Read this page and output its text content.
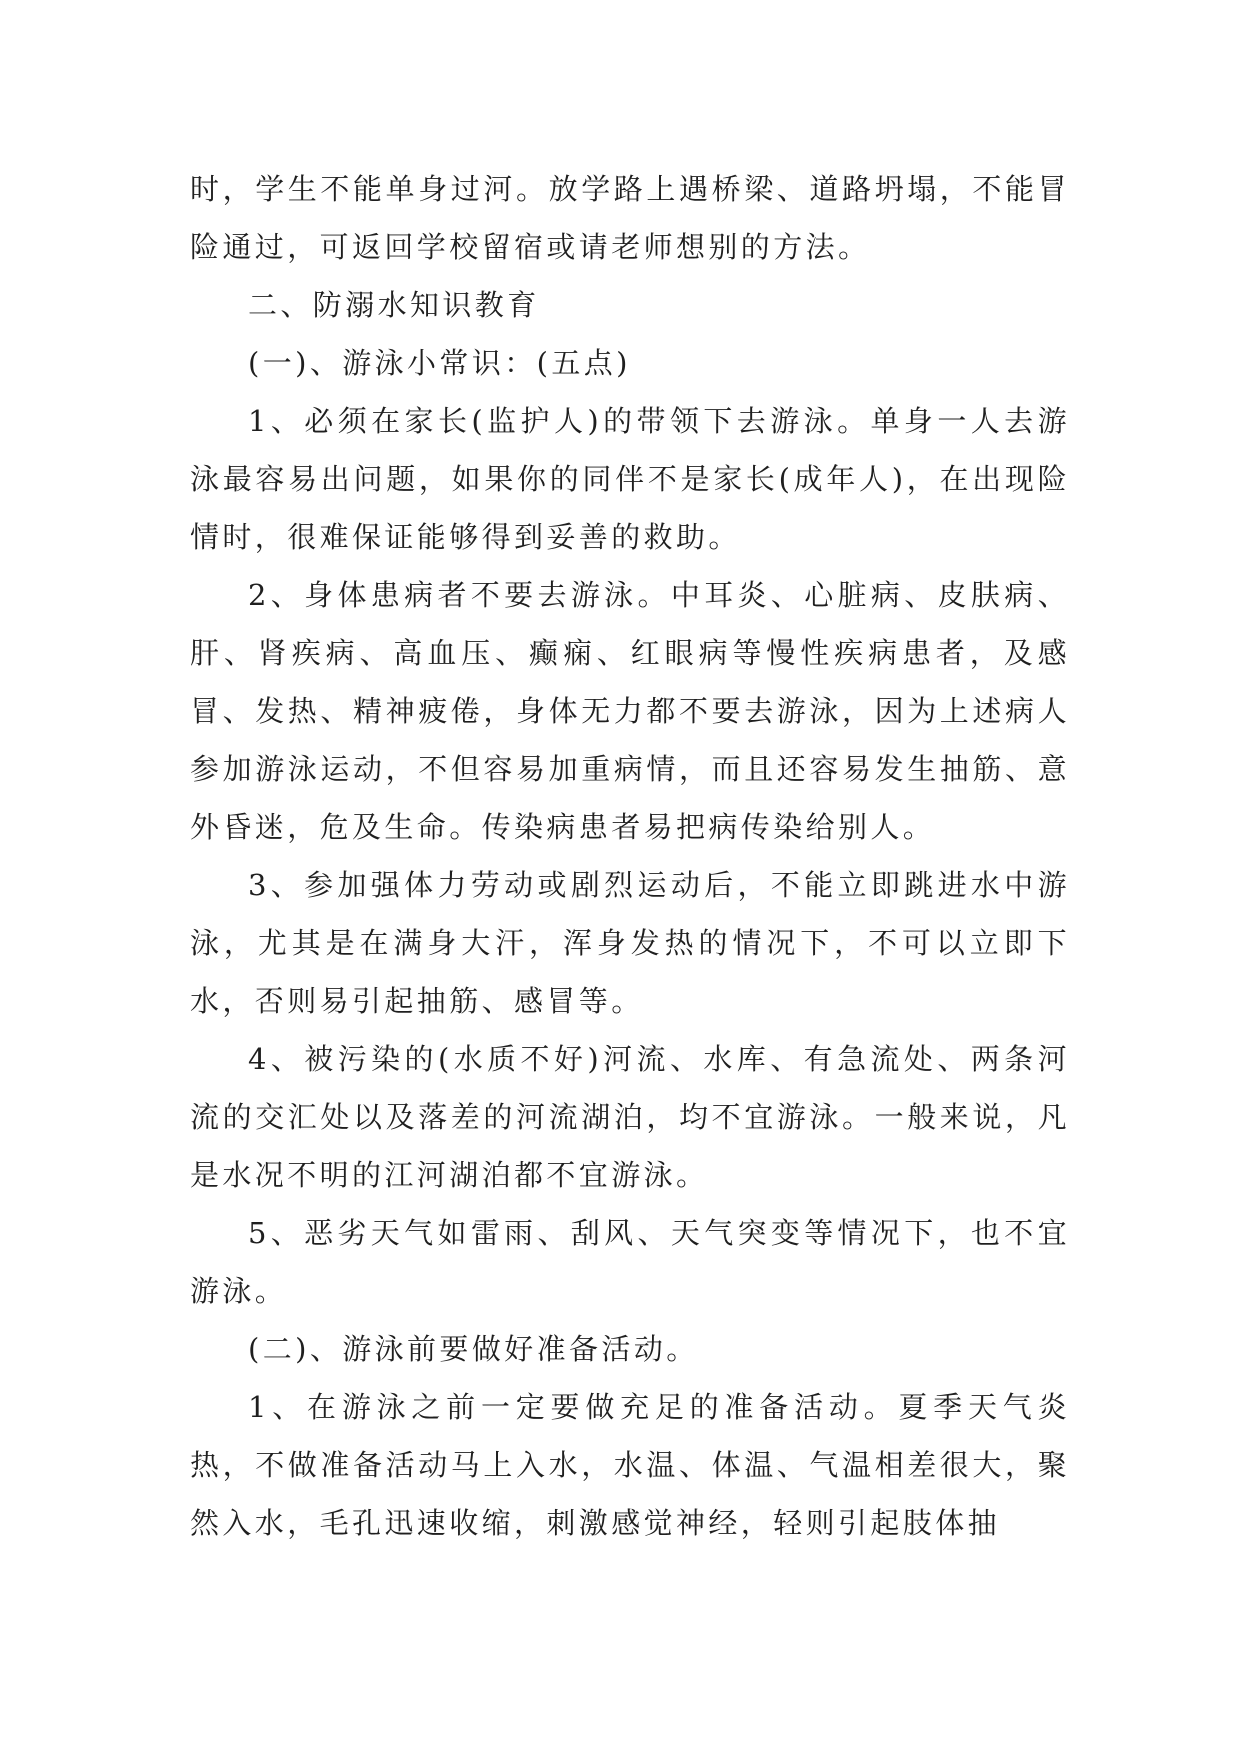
时，学生不能单身过河。放学路上遇桥梁、道路坍塌，不能冒险通过，可返回学校留宿或请老师想别的方法。

二、防溺水知识教育

(一)、游泳小常识：(五点)

1、必须在家长(监护人)的带领下去游泳。单身一人去游泳最容易出问题，如果你的同伴不是家长(成年人)，在出现险情时，很难保证能够得到妥善的救助。

2、身体患病者不要去游泳。中耳炎、心脏病、皮肤病、肝、肾疾病、高血压、癫痫、红眼病等慢性疾病患者，及感冒、发热、精神疲倦，身体无力都不要去游泳，因为上述病人参加游泳运动，不但容易加重病情，而且还容易发生抽筋、意外昏迷，危及生命。传染病患者易把病传染给别人。

3、参加强体力劳动或剧烈运动后，不能立即跳进水中游泳，尤其是在满身大汗，浑身发热的情况下，不可以立即下水，否则易引起抽筋、感冒等。

4、被污染的(水质不好)河流、水库、有急流处、两条河流的交汇处以及落差的河流湖泊，均不宜游泳。一般来说，凡是水况不明的江河湖泊都不宜游泳。

5、恶劣天气如雷雨、刮风、天气突变等情况下，也不宜游泳。

(二)、游泳前要做好准备活动。

1、在游泳之前一定要做充足的准备活动。夏季天气炎热，不做准备活动马上入水，水温、体温、气温相差很大，聚然入水，毛孔迅速收缩，刺激感觉神经，轻则引起肢体抽
